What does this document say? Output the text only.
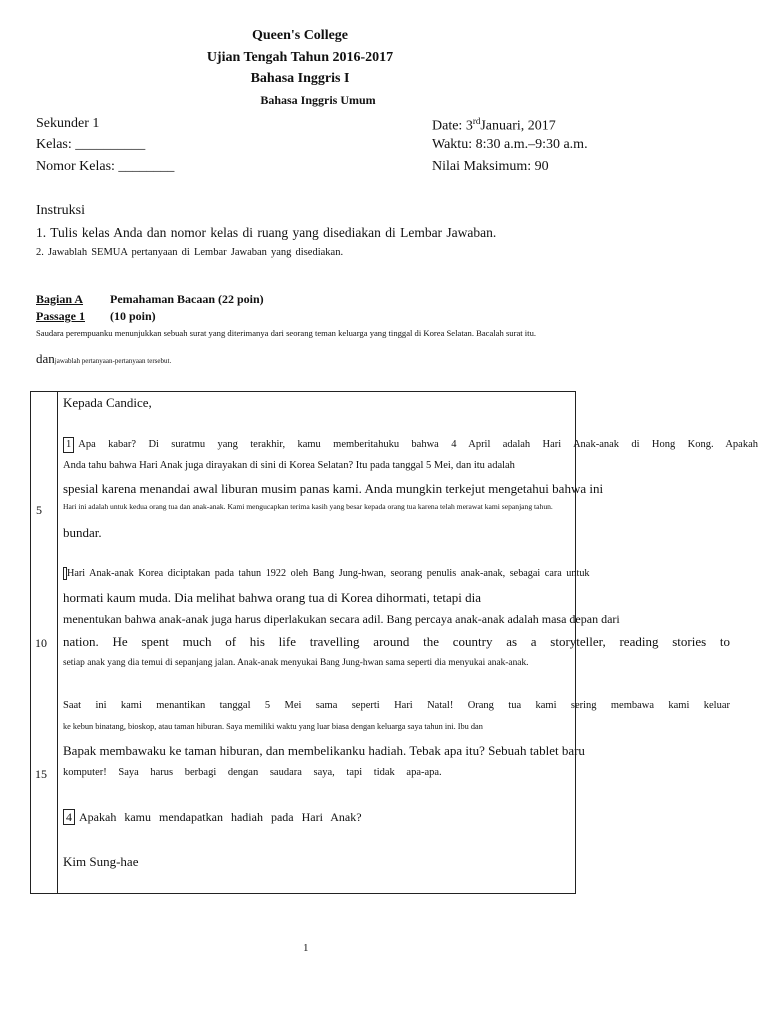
Queen's College
Ujian Tengah Tahun 2016-2017
Bahasa Inggris I
Bahasa Inggris Umum
Sekunder 1
Kelas: __________
Nomor Kelas: ________
Date: 3rdJanuari, 2017
Waktu: 8:30 a.m.–9:30 a.m.
Nilai Maksimum: 90
Instruksi
1. Tulis kelas Anda dan nomor kelas di ruang yang disediakan di Lembar Jawaban.
2. Jawablah SEMUA pertanyaan di Lembar Jawaban yang disediakan.
Bagian A	Pemahaman Bacaan (22 poin)
Passage 1	(10 poin)
Saudara perempuanku menunjukkan sebuah surat yang diterimanya dari seorang teman keluarga yang tinggal di Korea Selatan. Bacalah surat itu.
danjawablah pertanyaan-pertanyaan tersebut.
5
10
15
Kepada Candice,
1 Apa kabar? Di suratmu yang terakhir, kamu memberitahuku bahwa 4 April adalah Hari Anak-anak di Hong Kong. Apakah
Anda tahu bahwa Hari Anak juga dirayakan di sini di Korea Selatan? Itu pada tanggal 5 Mei, dan itu adalah
spesial karena menandai awal liburan musim panas kami. Anda mungkin terkejut mengetahui bahwa ini
Hari ini adalah untuk kedua orang tua dan anak-anak. Kami mengucapkan terima kasih yang besar kepada orang tua karena telah merawat kami sepanjang tahun.
bundar.
Hari Anak-anak Korea diciptakan pada tahun 1922 oleh Bang Jung-hwan, seorang penulis anak-anak, sebagai cara untuk
hormati kaum muda. Dia melihat bahwa orang tua di Korea dihormati, tetapi dia
menentukan bahwa anak-anak juga harus diperlakukan secara adil. Bang percaya anak-anak adalah masa depan dari
nation. He spent much of his life travelling around the country as a storyteller, reading stories to
setiap anak yang dia temui di sepanjang jalan. Anak-anak menyukai Bang Jung-hwan sama seperti dia menyukai anak-anak.
Saat ini kami menantikan tanggal 5 Mei sama seperti Hari Natal! Orang tua kami sering membawa kami keluar
ke kebun binatang, bioskop, atau taman hiburan. Saya memiliki waktu yang luar biasa dengan keluarga saya tahun ini. Ibu dan
Bapak membawaku ke taman hiburan, dan membelikanku hadiah. Tebak apa itu? Sebuah tablet baru
komputer! Saya harus berbagi dengan saudara saya, tapi tidak apa-apa.
4 Apakah kamu mendapatkan hadiah pada Hari Anak?
Kim Sung-hae
1
